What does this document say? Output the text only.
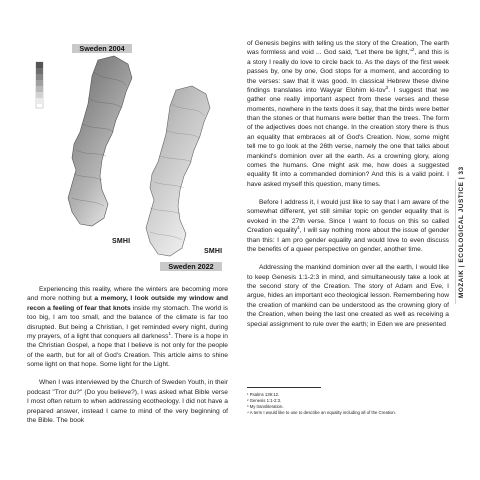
Sweden 2004
SMHI
SMHI
Sweden 2022

Experiencing this reality, where the winters are becoming more and more nothing but a memory, I look outside my window and recon a feeling of fear that knots inside my stomach. The world is too big, I am too small, and the balance of the climate is far too disrupted. But being a Christian, I get reminded every night, during my prayers, of a light that conquers all darkness$^1$. There is a hope in the Christian Gospel, a hope that I believe is not only for the people of the earth, but for all of God's Creation. This article aims to shine some light on that hope. Some light for the Light.

When I was interviewed by the Church of Sweden Youth, in their podcast "Tror du?" (Do you believe?), I was asked what Bible verse I most often return to when addressing ecotheology. I did not have a prepared answer, instead I came to mind of the very beginning of the Bible. The book

of Genesis begins with telling us the story of the Creation, The earth was formless and void ... God said, "Let there be light,"$^2$, and this is a story I really do love to circle back to. As the days of the first week passes by, one by one, God stops for a moment, and according to the verses: saw that it was good. In classical Hebrew these divine findings translates into Wayyar Elohim ki-tov$^3$. I suggest that we gather one really important aspect from these verses and these moments, nowhere in the texts does it say, that the birds were better than the stones or that humans were better than the trees. The form of the adjectives does not change. In the creation story there is thus an equality that embraces all of God's Creation. Now, some might tell me to go look at the 26th verse, namely the one that talks about mankind's dominion over all the earth. As a crowning glory, along comes the humans. One might ask me, how does a suggested equality fit into a commanded dominion? And this is a valid point. I have asked myself this question, many times.

Before I address it, I would just like to say that I am aware of the somewhat different, yet still similar topic on gender equality that is evoked in the 27th verse. Since I want to focus on this so called Creation equality$^4$, I will say nothing more about the issue of gender than this: I am pro gender equality and would love to even discuss the benefits of a queer perspective on gender, another time.

Addressing the mankind dominion over all the earth, I would like to keep Genesis 1:1-2:3 in mind, and simultaneously take a look at the second story of the Creation. The story of Adam and Eve, I argue, hides an important eco theological lesson. Remembering how the creation of mankind can be understood as the crowning glory of the Creation, when being the last one created as well as receiving a special assignment to rule over the earth; in Eden we are presented

¹ Psalms 139:12.

² Genesis 1:1-2:3.

³ My transliteration.

⁴ A term I would like to use to describe an equality including all of the Creation.

MOZAIK | ECOLOGICAL JUSTICE | 33
